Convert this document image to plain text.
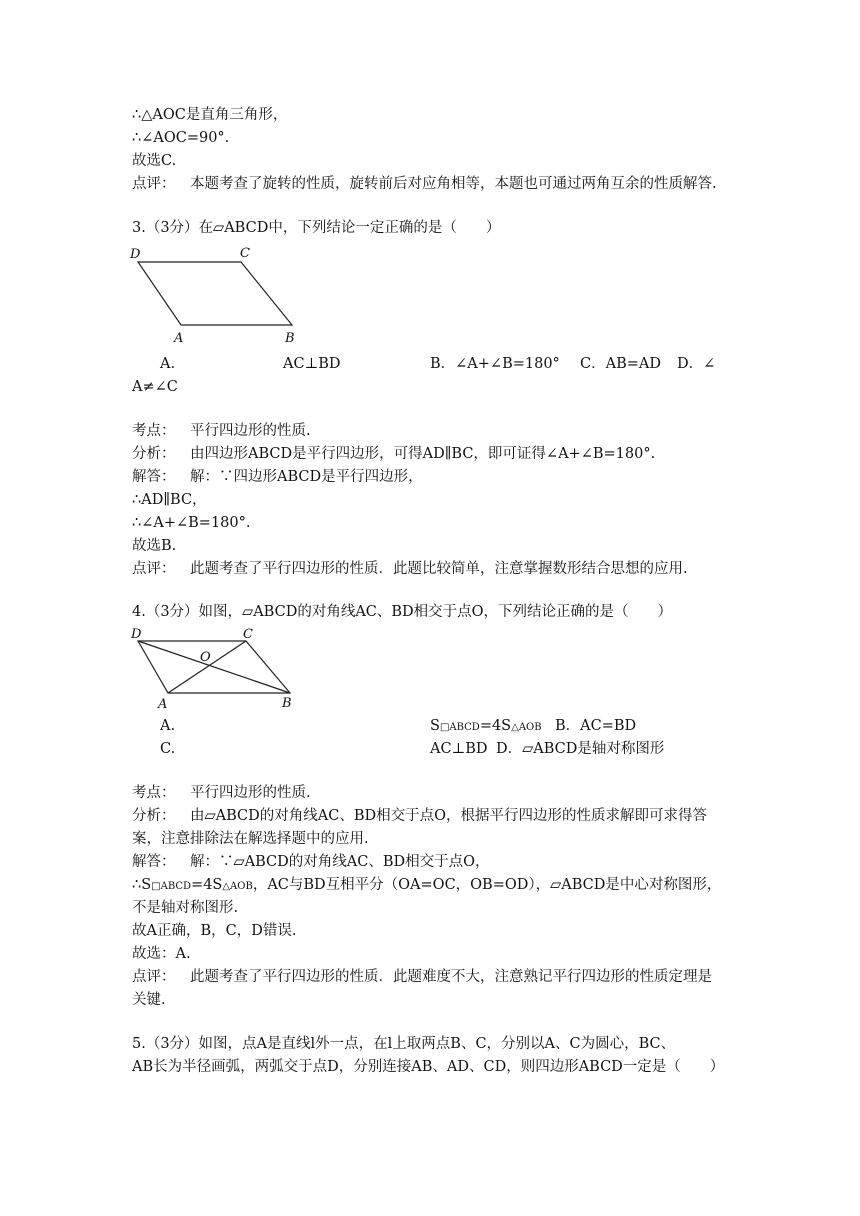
∴△AOC是直角三角形，
∴∠AOC=90°.
故选C.
点评： 本题考查了旋转的性质，旋转前后对应角相等，本题也可通过两角互余的性质解答.
3.（3分）在▱ABCD中，下列结论一定正确的是（　　）
D	C
A	B
A.	AC⊥BD	B．∠A+∠B=180° C．AB=AD D．∠
A≠∠C
考点： 平行四边形的性质.
分析： 由四边形ABCD是平行四边形，可得AD∥BC，即可证得∠A+∠B=180°.
解答： 解：∵四边形ABCD是平行四边形，
∴AD∥BC，
∴∠A+∠B=180°.
故选B.
点评： 此题考查了平行四边形的性质．此题比较简单，注意掌握数形结合思想的应用.
4.（3分）如图，▱ABCD的对角线AC、BD相交于点O，下列结论正确的是（　　）
D	C
O
A	B
A.	S□ABCD=4S△AOB B．AC=BD
C.	AC⊥BD D．▱ABCD是轴对称图形
考点： 平行四边形的性质.
分析： 由▱ABCD的对角线AC、BD相交于点O，根据平行四边形的性质求解即可求得答
案，注意排除法在解选择题中的应用.
解答： 解：∵▱ABCD的对角线AC、BD相交于点O，
∴S□ABCD=4S△AOB，AC与BD互相平分（OA=OC，OB=OD），▱ABCD是中心对称图形，
不是轴对称图形.
故A正确，B，C，D错误.
故选：A.
点评： 此题考查了平行四边形的性质．此题难度不大，注意熟记平行四边形的性质定理是
关键.
5.（3分）如图，点A是直线l外一点，在l上取两点B、C，分别以A、C为圆心，BC、
AB长为半径画弧，两弧交于点D，分别连接AB、AD、CD，则四边形ABCD一定是（　　）
